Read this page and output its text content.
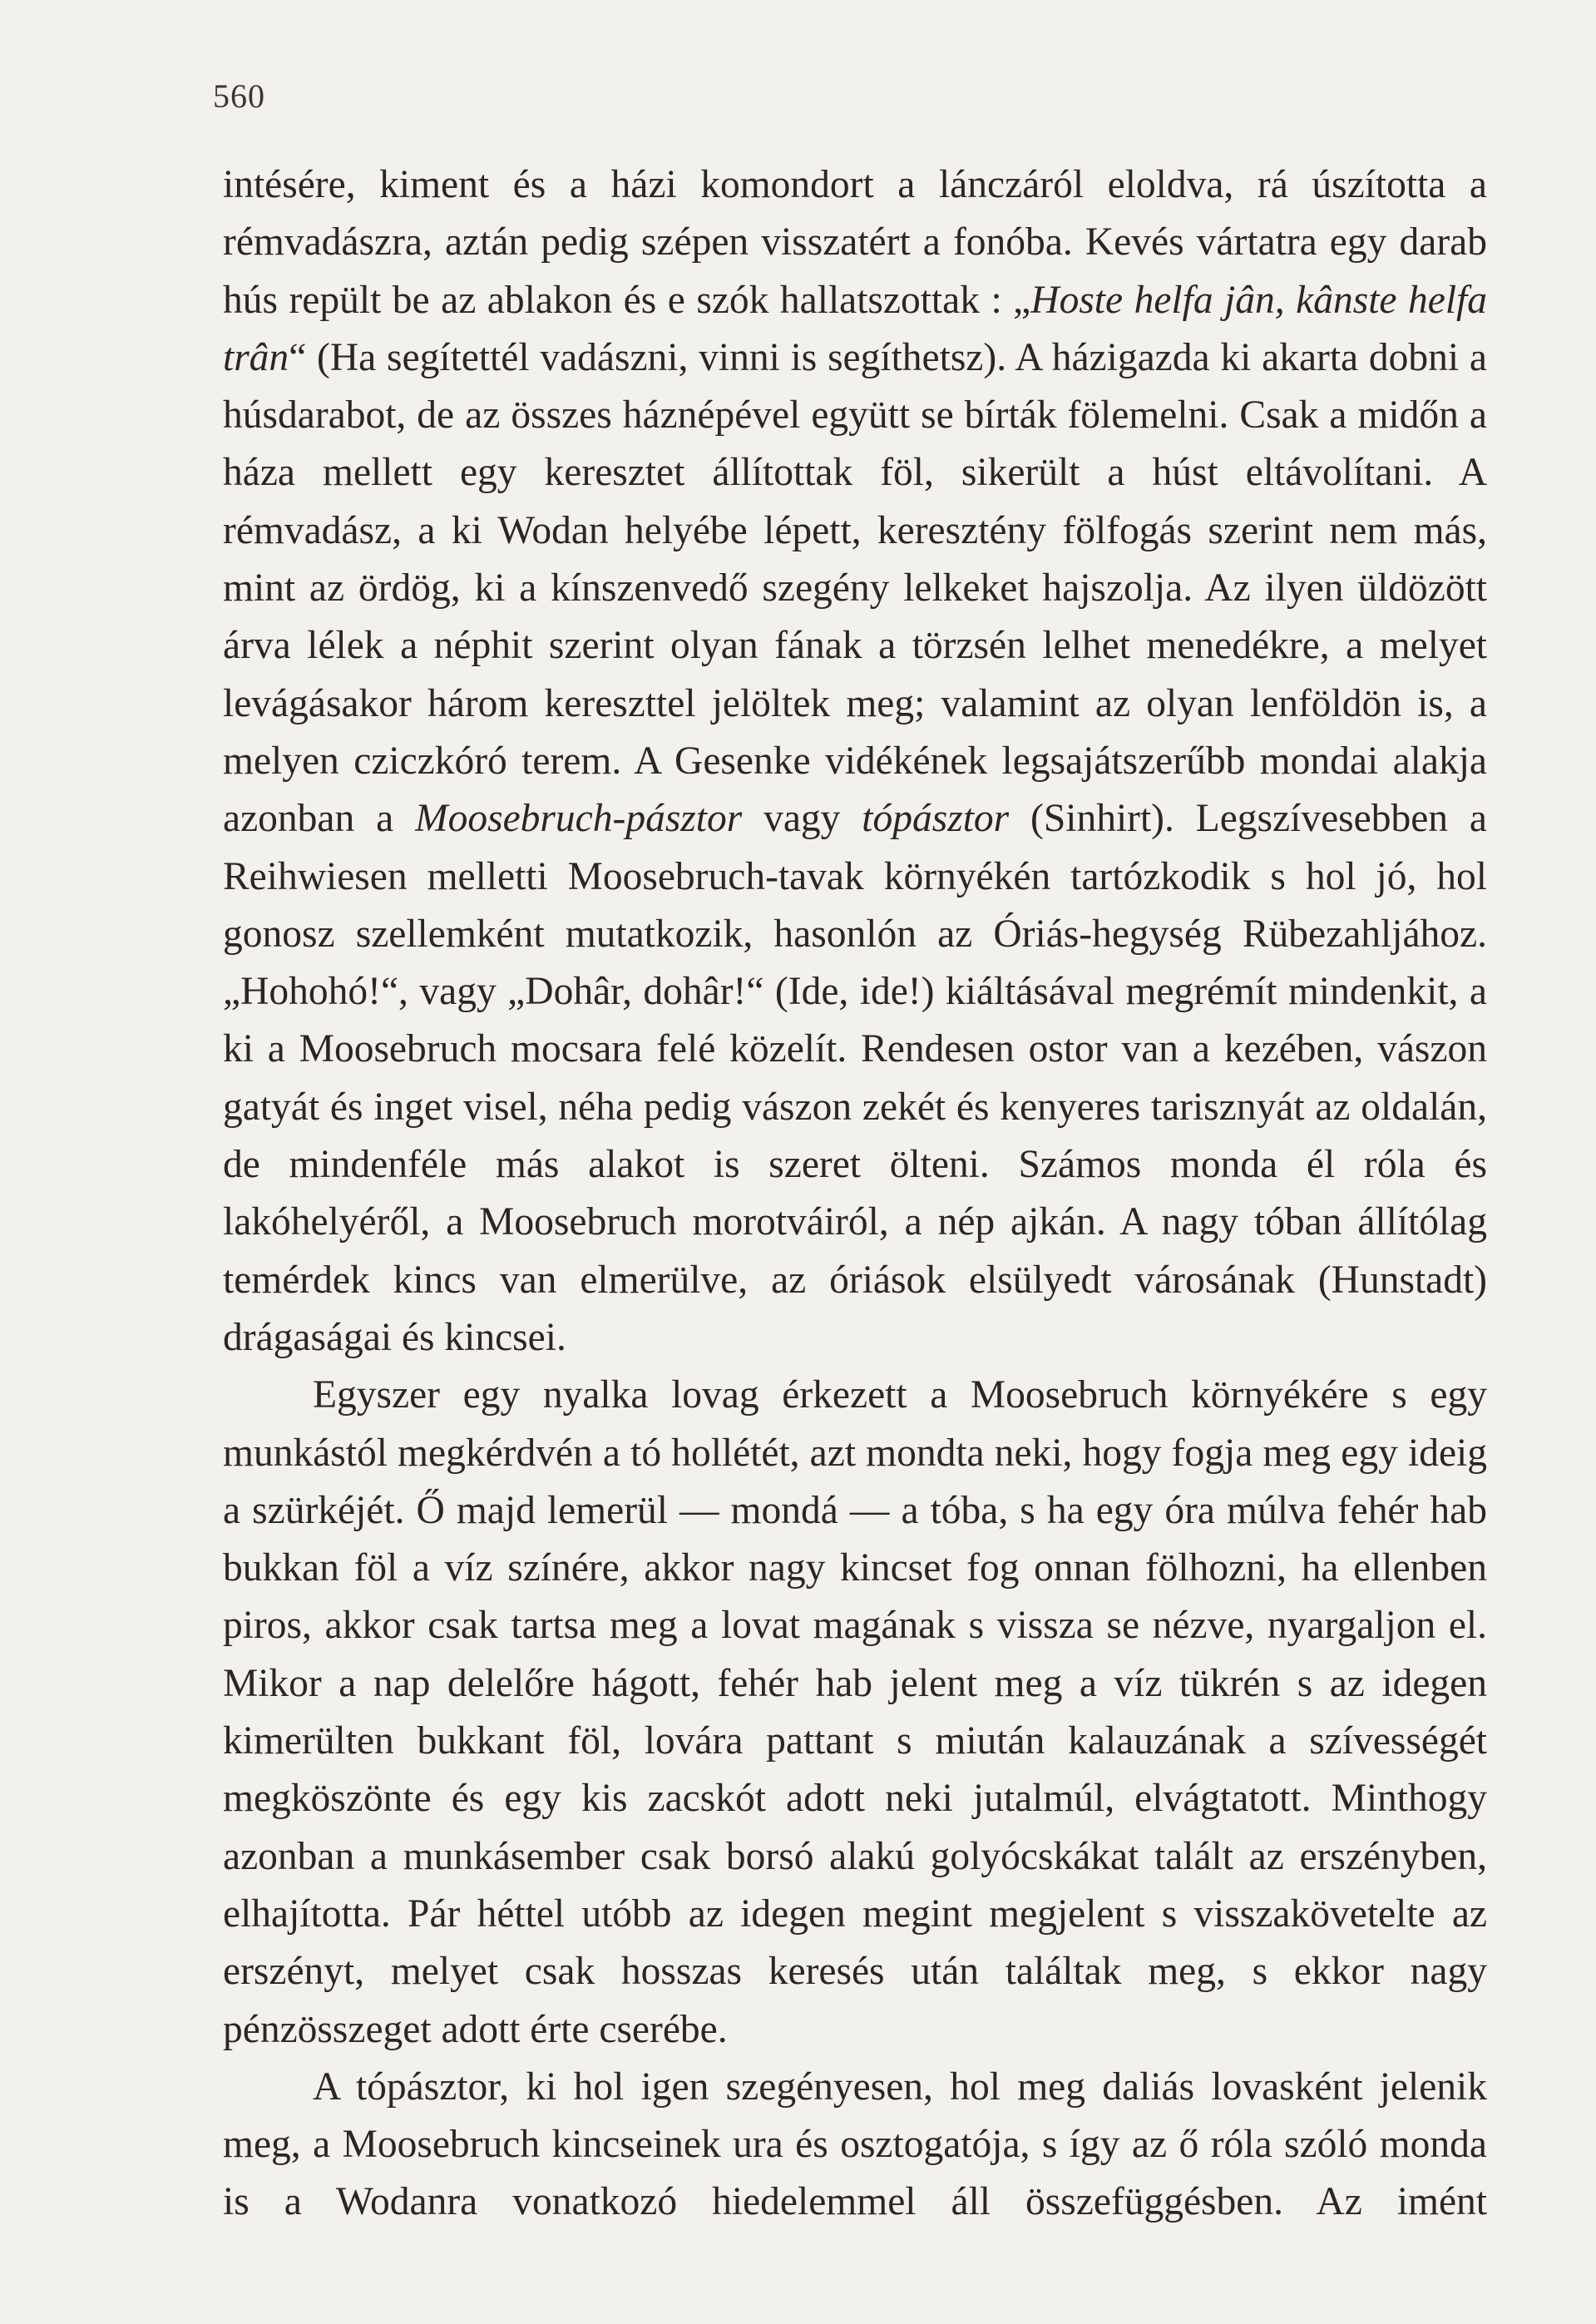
560

intésére, kiment és a házi komondort a lánczáról eloldva, rá úszította a rémvadászra, aztán pedig szépen visszatért a fonóba. Kevés vártatra egy darab hús repült be az ablakon és e szók hallatszottak : „Hoste helfa jân, kânste helfa trân“ (Ha segítettél vadászni, vinni is segíthetsz). A házigazda ki akarta dobni a húsdarabot, de az összes háznépével együtt se bírták fölemelni. Csak a midőn a háza mellett egy keresztet állítottak föl, sikerült a húst eltávolítani. A rémvadász, a ki Wodan helyébe lépett, keresztény fölfogás szerint nem más, mint az ördög, ki a kínszenvedő szegény lelkeket hajszolja. Az ilyen üldözött árva lélek a néphit szerint olyan fának a törzsén lelhet menedékre, a melyet levágásakor három kereszttel jelöltek meg; valamint az olyan lenföldön is, a melyen cziczkóró terem. A Gesenke vidékének legsajátszerűbb mondai alakja azonban a Moosebruch-pásztor vagy tópásztor (Sinhirt). Legszívesebben a Reihwiesen melletti Moosebruch-tavak környékén tartózkodik s hol jó, hol gonosz szellemként mutatkozik, hasonlón az Óriás-hegység Rübezahljához. „Hohohó!“, vagy „Dohâr, dohâr!“ (Ide, ide!) kiáltásával megrémít mindenkit, a ki a Moosebruch mocsara felé közelít. Rendesen ostor van a kezében, vászon gatyát és inget visel, néha pedig vászon zekét és kenyeres tarisznyát az oldalán, de mindenféle más alakot is szeret ölteni. Számos monda él róla és lakóhelyéről, a Moosebruch morotváiról, a nép ajkán. A nagy tóban állítólag temérdek kincs van elmerülve, az óriások elsülyedt városának (Hunstadt) drágaságai és kincsei.

Egyszer egy nyalka lovag érkezett a Moosebruch környékére s egy munkástól megkérdvén a tó hollétét, azt mondta neki, hogy fogja meg egy ideig a szürkéjét. Ő majd lemerül — mondá — a tóba, s ha egy óra múlva fehér hab bukkan föl a víz színére, akkor nagy kincset fog onnan fölhozni, ha ellenben piros, akkor csak tartsa meg a lovat magának s vissza se nézve, nyargaljon el. Mikor a nap delelőre hágott, fehér hab jelent meg a víz tükrén s az idegen kimerülten bukkant föl, lovára pattant s miután kalauzának a szívességét megköszönte és egy kis zacskót adott neki jutalmúl, elvágtatott. Minthogy azonban a munkásember csak borsó alakú golyócskákat talált az erszényben, elhajította. Pár héttel utóbb az idegen megint megjelent s visszakövetelte az erszényt, melyet csak hosszas keresés után találtak meg, s ekkor nagy pénzösszeget adott érte cserébe.

A tópásztor, ki hol igen szegényesen, hol meg daliás lovasként jelenik meg, a Moosebruch kincseinek ura és osztogatója, s így az ő róla szóló monda is a Wodanra vonatkozó hiedelemmel áll összefüggésben. Az imént
